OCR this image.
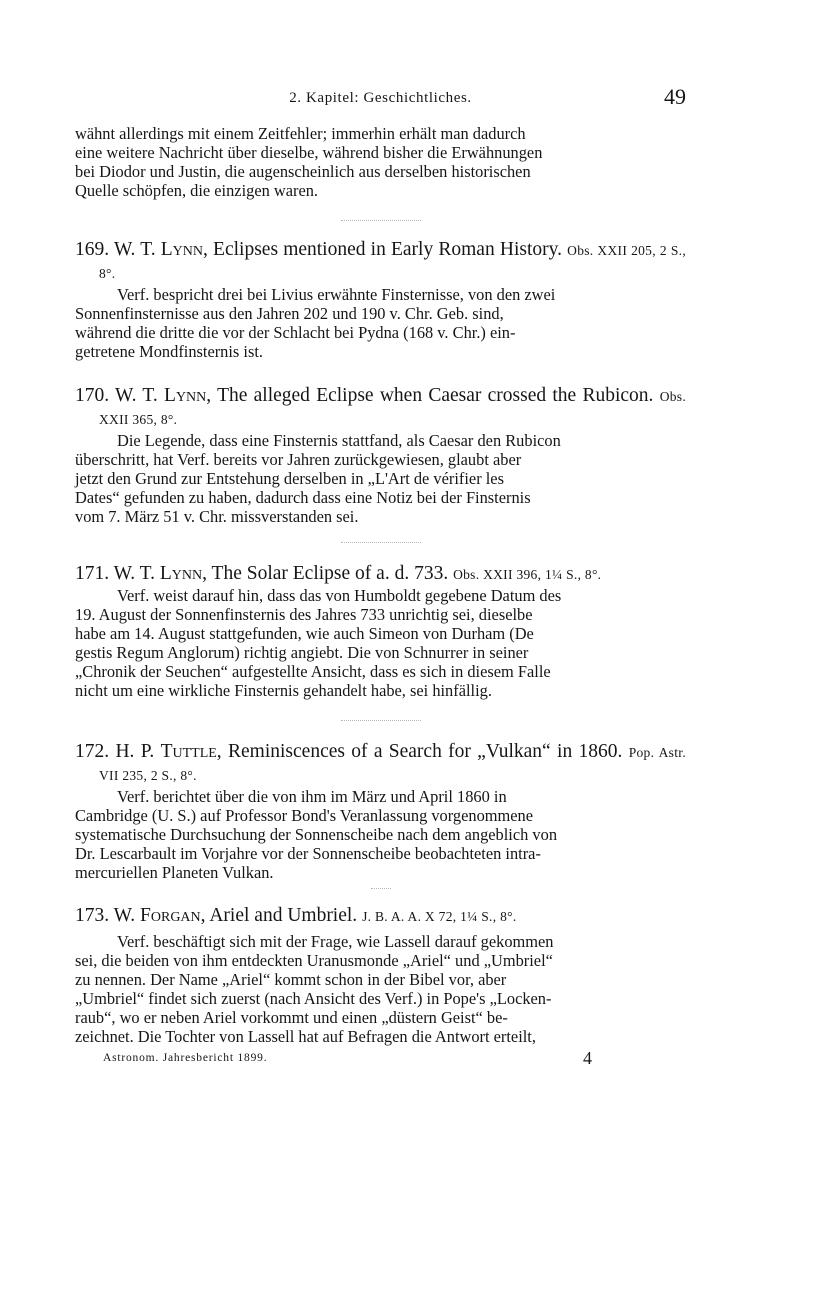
2. Kapitel: Geschichtliches.	49

wähnt allerdings mit einem Zeitfehler; immerhin erhält man dadurch

eine weitere Nachricht über dieselbe, während bisher die Erwähnungen

bei Diodor und Justin, die augenscheinlich aus derselben historischen

Quelle schöpfen, die einzigen waren.

169. W. T. Lynn, Eclipses mentioned in Early Roman History. Obs. XXII 205, 2 S., 8°.

Verf. bespricht drei bei Livius erwähnte Finsternisse, von den zwei

Sonnenfinsternisse aus den Jahren 202 und 190 v. Chr. Geb. sind,

während die dritte die vor der Schlacht bei Pydna (168 v. Chr.) ein-

getretene Mondfinsternis ist.

170. W. T. Lynn, The alleged Eclipse when Caesar crossed the Rubicon. Obs. XXII 365, 8°.

Die Legende, dass eine Finsternis stattfand, als Caesar den Rubicon

überschritt, hat Verf. bereits vor Jahren zurückgewiesen, glaubt aber

jetzt den Grund zur Entstehung derselben in „L'Art de vérifier les

Dates“ gefunden zu haben, dadurch dass eine Notiz bei der Finsternis

vom 7. März 51 v. Chr. missverstanden sei.

171. W. T. Lynn, The Solar Eclipse of a. d. 733. Obs. XXII 396, 1¼ S., 8°.

Verf. weist darauf hin, dass das von Humboldt gegebene Datum des

19. August der Sonnenfinsternis des Jahres 733 unrichtig sei, dieselbe

habe am 14. August stattgefunden, wie auch Simeon von Durham (De

gestis Regum Anglorum) richtig angiebt. Die von Schnurrer in seiner

„Chronik der Seuchen“ aufgestellte Ansicht, dass es sich in diesem Falle

nicht um eine wirkliche Finsternis gehandelt habe, sei hinfällig.

172. H. P. Tuttle, Reminiscences of a Search for „Vulkan“ in 1860. Pop. Astr. VII 235, 2 S., 8°.

Verf. berichtet über die von ihm im März und April 1860 in

Cambridge (U. S.) auf Professor Bond's Veranlassung vorgenommene

systematische Durchsuchung der Sonnenscheibe nach dem angeblich von

Dr. Lescarbault im Vorjahre vor der Sonnenscheibe beobachteten intra-

mercuriellen Planeten Vulkan.

173. W. Forgan, Ariel and Umbriel. J. B. A. A. X 72, 1¼ S., 8°.

Verf. beschäftigt sich mit der Frage, wie Lassell darauf gekommen

sei, die beiden von ihm entdeckten Uranusmonde „Ariel“ und „Umbriel“

zu nennen. Der Name „Ariel“ kommt schon in der Bibel vor, aber

„Umbriel“ findet sich zuerst (nach Ansicht des Verf.) in Pope's „Locken-

raub“, wo er neben Ariel vorkommt und einen „düstern Geist“ be-

zeichnet. Die Tochter von Lassell hat auf Befragen die Antwort erteilt,

Astronom. Jahresbericht 1899.	4
